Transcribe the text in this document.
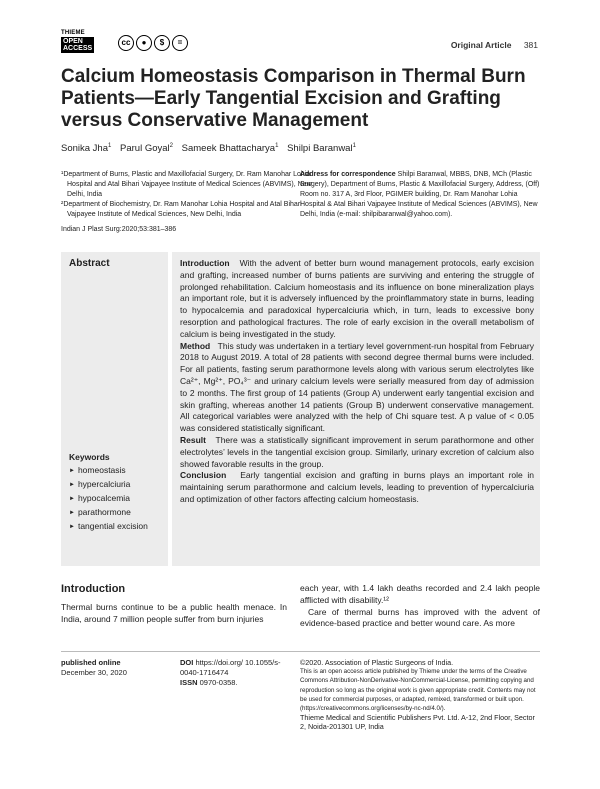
THIEME
OPEN
ACCESS
cc	●	$	=	Original Article 381
Calcium Homeostasis Comparison in Thermal Burn Patients—Early Tangential Excision and Grafting versus Conservative Management
Sonika Jha$^1$ Parul Goyal$^2$ Sameek Bhattacharya$^1$ Shilpi Baranwal$^1$

¹Department of Burns, Plastic and Maxillofacial Surgery, Dr. Ram Manohar Lohia Hospital and Atal Bihari Vajpayee Institute of Medical Sciences (ABVIMS), New Delhi, India

²Department of Biochemistry, Dr. Ram Manohar Lohia Hospital and Atal Bihari Vajpayee Institute of Medical Sciences, New Delhi, India

Address for correspondence Shilpi Baranwal, MBBS, DNB, MCh (Plastic Surgery), Department of Burns, Plastic & Maxillofacial Surgery, Address, (Off) Room no. 317 A, 3rd Floor, PGIMER building, Dr. Ram Manohar Lohia Hospital & Atal Bihari Vajpayee Institute of Medical Sciences (ABVIMS), New Delhi, India (e-mail: shilpibaranwal@yahoo.com).
Indian J Plast Surg:2020;53:381–386
Abstract
Keywords
► homeostasis
► hypercalciuria
► hypocalcemia
► parathormone
► tangential excision

Introduction With the advent of better burn wound management protocols, early excision and grafting, increased number of burns patients are surviving and entering the struggle of prolonged rehabilitation. Calcium homeostasis and its influence on bone mineralization plays an important role, but it is adversely influenced by the proinflammatory state in burns, leading to hypocalcemia and paradoxical hypercalciuria which, in turn, leads to excessive bony resorption and pathological fractures. The role of early excision in the overall metabolism of calcium is being investigated in the study.

Method This study was undertaken in a tertiary level government-run hospital from February 2018 to August 2019. A total of 28 patients with second degree thermal burns were included. For all patients, fasting serum parathormone levels along with various serum electrolytes like Ca²⁺, Mg²⁺, PO₄³⁻ and urinary calcium levels were serially measured from day of admission to 2 months. The first group of 14 patients (Group A) underwent early tangential excision and skin grafting, whereas another 14 patients (Group B) underwent conservative management. All categorical variables were analyzed with the help of Chi square test. A p value of < 0.05 was considered statistically significant.

Result There was a statistically significant improvement in serum parathormone and other electrolytes’ levels in the tangential excision group. Similarly, urinary excretion of calcium also showed favorable results in the group.

Conclusion Early tangential excision and grafting in burns plays an important role in maintaining serum parathormone and calcium levels, leading to prevention of hypercalciuria and optimization of other factors affecting calcium homeostasis.

Introduction
Thermal burns continue to be a public health menace. In India, around 7 million people suffer from burn injuries

each year, with 1.4 lakh deaths recorded and 2.4 lakh people afflicted with disability.¹²

Care of thermal burns has improved with the advent of evidence-based practice and better wound care. As more

published online
December 30, 2020
DOI https://doi.org/ 10.1055/s-0040-1716474
ISSN 0970-0358.
©2020. Association of Plastic Surgeons of India.
This is an open access article published by Thieme under the terms of the Creative Commons Attribution-NonDerivative-NonCommercial-License, permitting copying and reproduction so long as the original work is given appropriate credit. Contents may not be used for commercial purposes, or adapted, remixed, transformed or built upon. (https://creativecommons.org/licenses/by-nc-nd/4.0/).
Thieme Medical and Scientific Publishers Pvt. Ltd. A-12, 2nd Floor, Sector 2, Noida-201301 UP, India
